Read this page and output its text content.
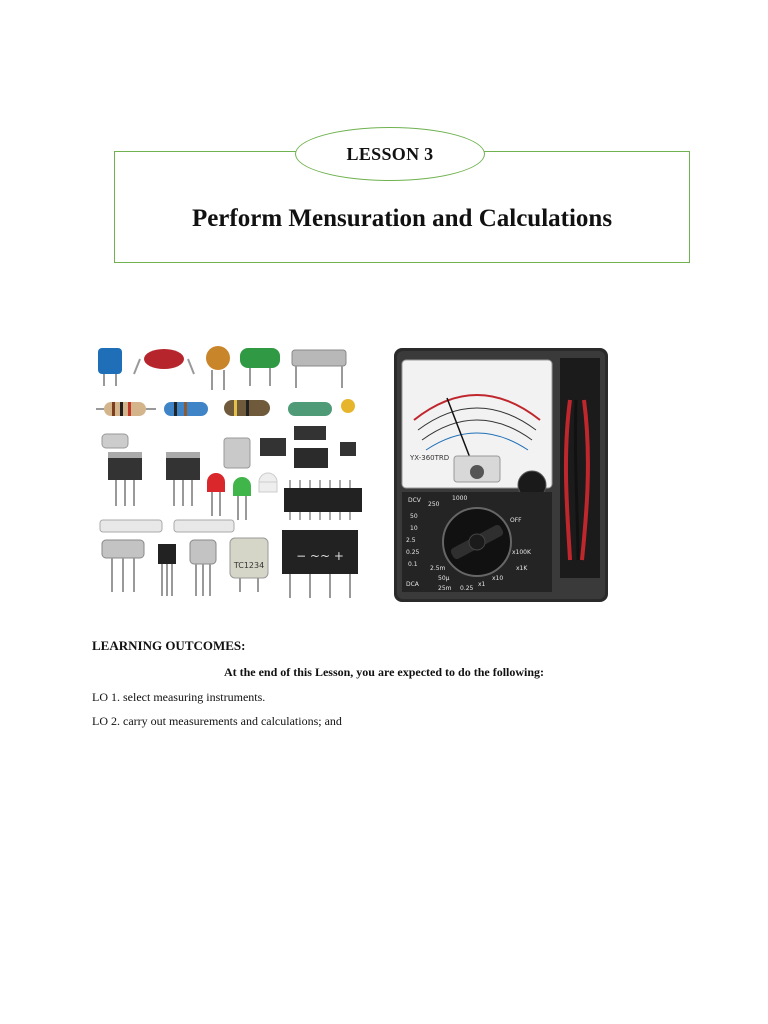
LESSON 3
Perform Mensuration and Calculations
TC1234
− ~~ +
YX-360TRD
DCV
250
1000
50
10
2.5
0.25
0.1
50µ
2.5m
25m 0.25
DCA
OFF
x1
x10
x1K
x100K
LEARNING OUTCOMES:
At the end of this Lesson, you are expected to do the following:
LO 1. select measuring instruments.
LO 2. carry out measurements and calculations; and
